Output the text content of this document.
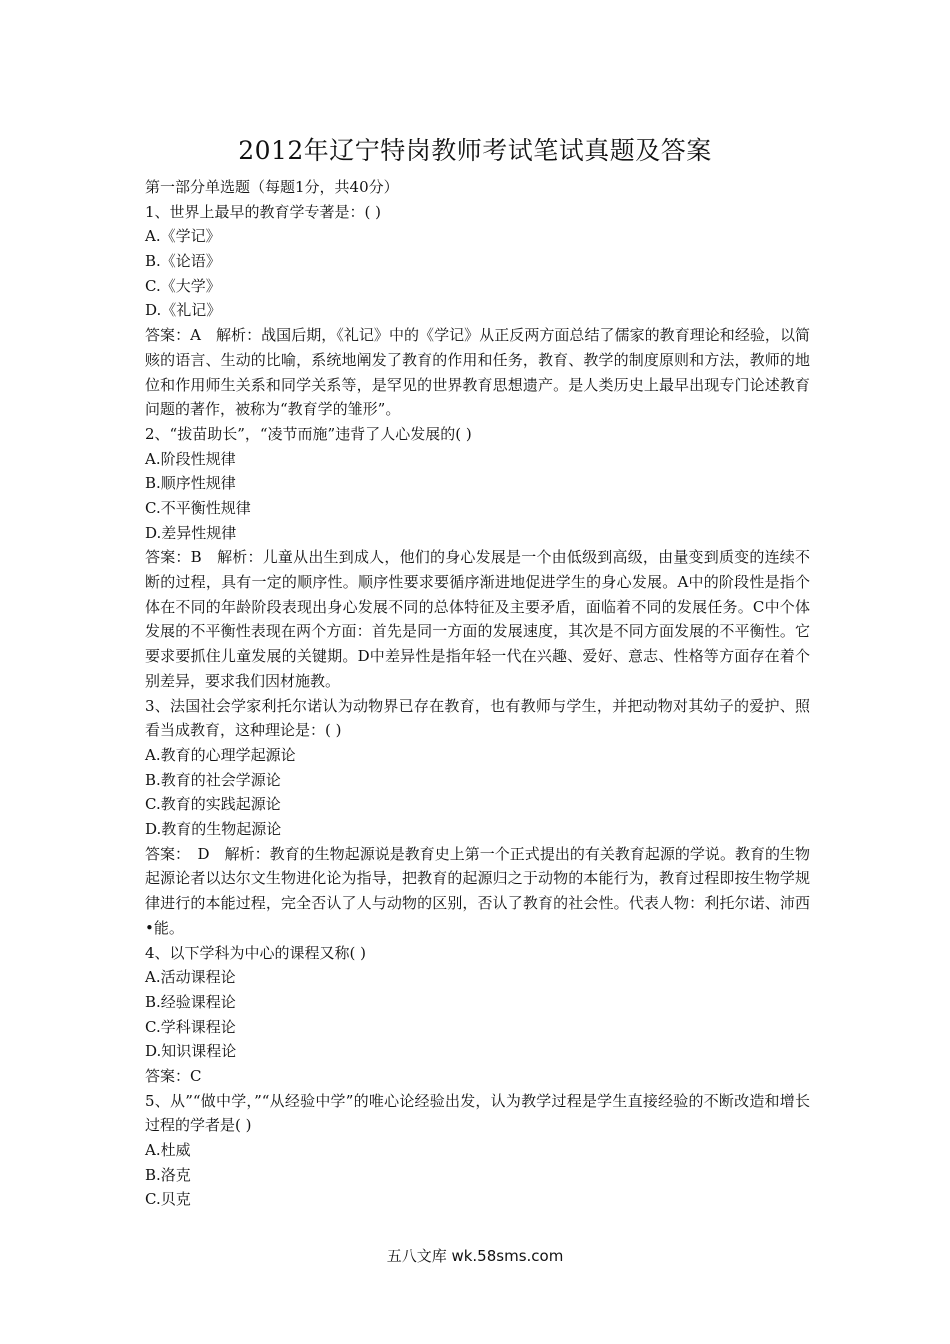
2012年辽宁特岗教师考试笔试真题及答案
第一部分单选题（每题1分，共40分）
1、世界上最早的教育学专著是：( )
A.《学记》
B.《论语》
C.《大学》
D.《礼记》
答案：A　解析：战国后期，《礼记》中的《学记》从正反两方面总结了儒家的教育理论和经验，以简赅的语言、生动的比喻，系统地阐发了教育的作用和任务，教育、教学的制度原则和方法，教师的地位和作用师生关系和同学关系等，是罕见的世界教育思想遗产。是人类历史上最早出现专门论述教育问题的著作，被称为“教育学的雏形”。
2、“拔苗助长”，“凌节而施”违背了人心发展的( )
A.阶段性规律
B.顺序性规律
C.不平衡性规律
D.差异性规律
答案：B　解析：儿童从出生到成人，他们的身心发展是一个由低级到高级，由量变到质变的连续不断的过程，具有一定的顺序性。顺序性要求要循序渐进地促进学生的身心发展。A中的阶段性是指个体在不同的年龄阶段表现出身心发展不同的总体特征及主要矛盾，面临着不同的发展任务。C中个体发展的不平衡性表现在两个方面：首先是同一方面的发展速度，其次是不同方面发展的不平衡性。它要求要抓住儿童发展的关键期。D中差异性是指年轻一代在兴趣、爱好、意志、性格等方面存在着个别差异，要求我们因材施教。
3、法国社会学家利托尔诺认为动物界已存在教育，也有教师与学生，并把动物对其幼子的爱护、照看当成教育，这种理论是：( )
A.教育的心理学起源论
B.教育的社会学源论
C.教育的实践起源论
D.教育的生物起源论
答案：　D　解析：教育的生物起源说是教育史上第一个正式提出的有关教育起源的学说。教育的生物起源论者以达尔文生物进化论为指导，把教育的起源归之于动物的本能行为，教育过程即按生物学规律进行的本能过程，完全否认了人与动物的区别，否认了教育的社会性。代表人物：利托尔诺、沛西•能。
4、以下学科为中心的课程又称( )
A.活动课程论
B.经验课程论
C.学科课程论
D.知识课程论
答案：C
5、从”“做中学，”“从经验中学”的唯心论经验出发，认为教学过程是学生直接经验的不断改造和增长过程的学者是( )
A.杜威
B.洛克
C.贝克
五八文库 wk.58sms.com
